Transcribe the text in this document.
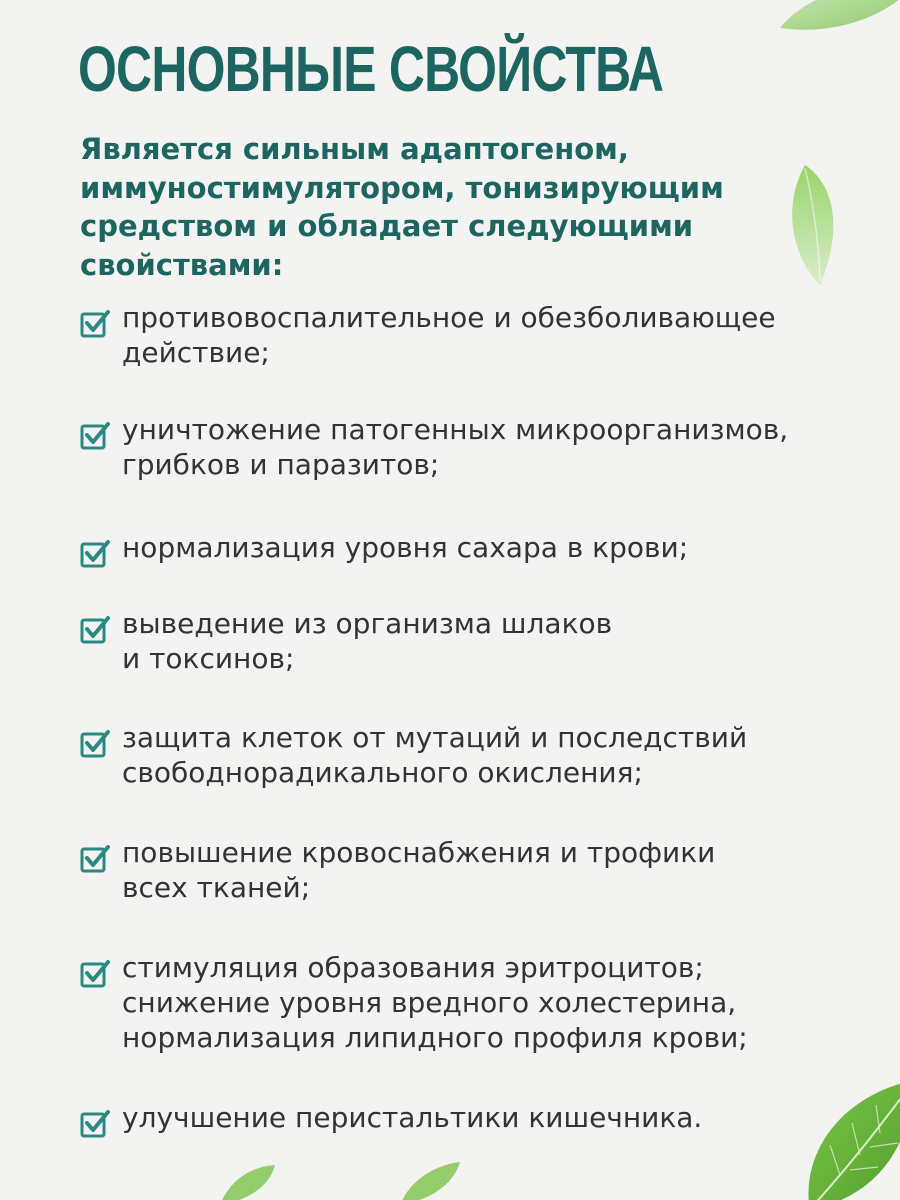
ОСНОВНЫЕ СВОЙСТВА

Является сильным адаптогеном, иммуностимулятором, тонизирующим средством и обладает следующими свойствами:

противовоспалительное и обезболивающее
действие;
уничтожение патогенных микроорганизмов,
грибков и паразитов;
нормализация уровня сахара в крови;
выведение из организма шлаков
и токсинов;
защита клеток от мутаций и последствий
свободнорадикального окисления;
повышение кровоснабжения и трофики
всех тканей;
стимуляция образования эритроцитов;
снижение уровня вредного холестерина,
нормализация липидного профиля крови;
улучшение перистальтики кишечника.
